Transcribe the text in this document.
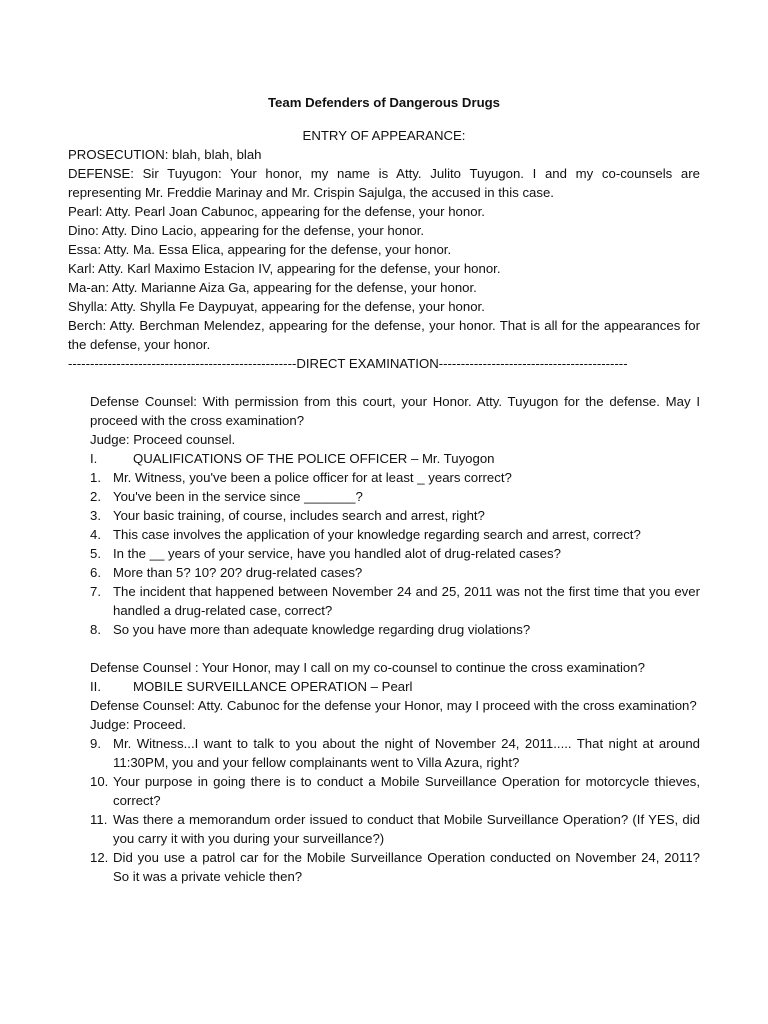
Team Defenders of Dangerous Drugs

ENTRY OF APPEARANCE:

PROSECUTION: blah, blah, blah

DEFENSE: Sir Tuyugon: Your honor, my name is Atty. Julito Tuyugon. I and my co-counsels are representing Mr. Freddie Marinay and Mr. Crispin Sajulga, the accused in this case.

Pearl: Atty. Pearl Joan Cabunoc, appearing for the defense, your honor.

Dino: Atty. Dino Lacio, appearing for the defense, your honor.

Essa: Atty. Ma. Essa Elica, appearing for the defense, your honor.

Karl: Atty. Karl Maximo Estacion IV, appearing for the defense, your honor.

Ma-an: Atty. Marianne Aiza Ga, appearing for the defense, your honor.

Shylla: Atty. Shylla Fe Daypuyat, appearing for the defense, your honor.

Berch: Atty. Berchman Melendez, appearing for the defense, your honor. That is all for the appearances for the defense, your honor.

----------------------------------------------------DIRECT EXAMINATION-------------------------------------------

Defense Counsel: With permission from this court, your Honor. Atty. Tuyugon for the defense. May I proceed with the cross examination?

Judge: Proceed counsel.

I.	QUALIFICATIONS OF THE POLICE OFFICER – Mr. Tuyogon
1. Mr. Witness, you've been a police officer for at least _ years correct?
2. You've been in the service since _______?
3. Your basic training, of course, includes search and arrest, right?
4. This case involves the application of your knowledge regarding search and arrest, correct?
5. In the __ years of your service, have you handled alot of drug-related cases?
6. More than 5? 10? 20? drug-related cases?
7. The incident that happened between November 24 and 25, 2011 was not the first time that you ever handled a drug-related case, correct?
8. So you have more than adequate knowledge regarding drug violations?

Defense Counsel : Your Honor, may I call on my co-counsel to continue the cross examination?

II.	MOBILE SURVEILLANCE OPERATION – Pearl

Defense Counsel: Atty. Cabunoc for the defense your Honor, may I proceed with the cross examination?

Judge: Proceed.

9. Mr. Witness...I want to talk to you about the night of November 24, 2011..... That night at around 11:30PM, you and your fellow complainants went to Villa Azura, right?
10. Your purpose in going there is to conduct a Mobile Surveillance Operation for motorcycle thieves, correct?
11. Was there a memorandum order issued to conduct that Mobile Surveillance Operation? (If YES, did you carry it with you during your surveillance?)
12. Did you use a patrol car for the Mobile Surveillance Operation conducted on November 24, 2011? So it was a private vehicle then?
